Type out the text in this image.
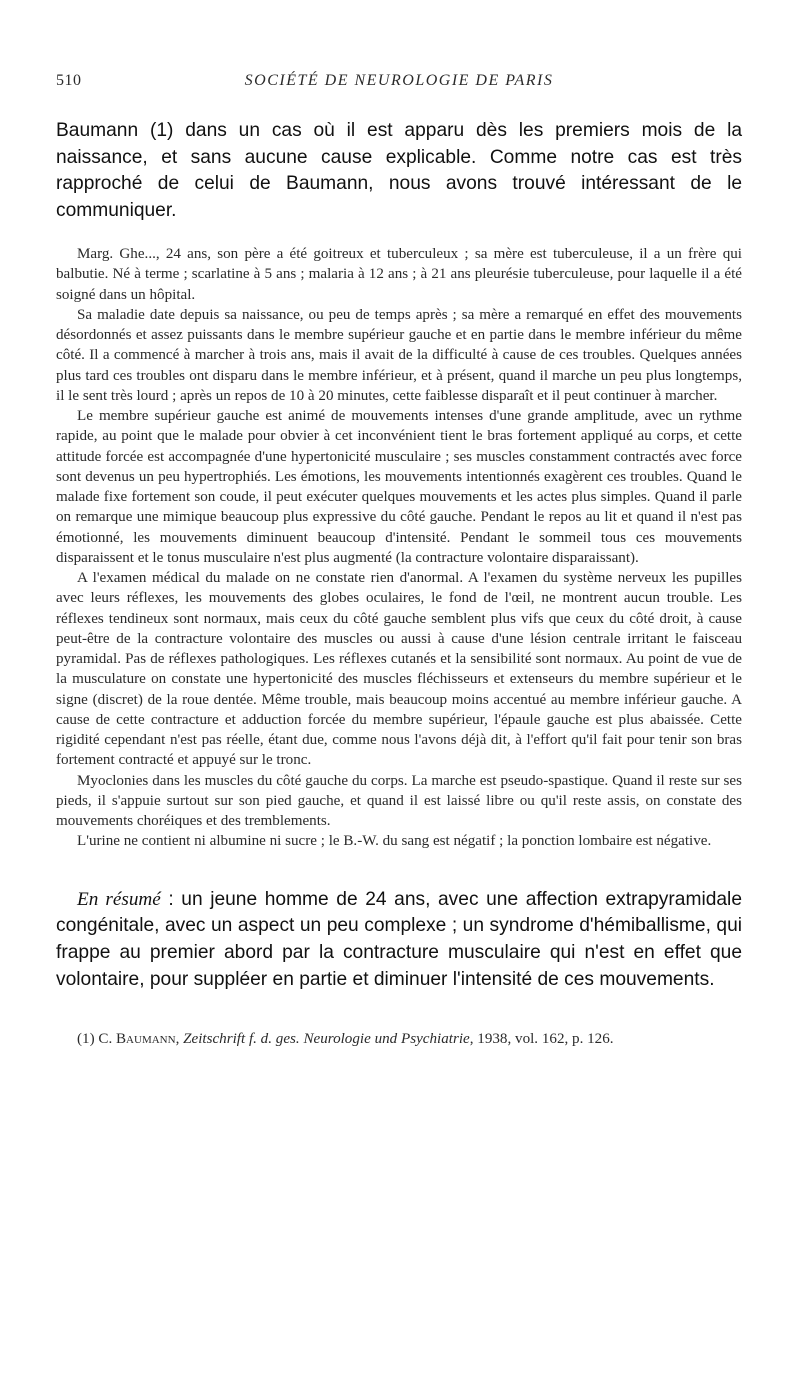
510	SOCIÉTÉ DE NEUROLOGIE DE PARIS

Baumann (1) dans un cas où il est apparu dès les premiers mois de la naissance, et sans aucune cause explicable. Comme notre cas est très rapproché de celui de Baumann, nous avons trouvé intéressant de le communiquer.

Marg. Ghe..., 24 ans, son père a été goitreux et tuberculeux ; sa mère est tuberculeuse, il a un frère qui balbutie. Né à terme ; scarlatine à 5 ans ; malaria à 12 ans ; à 21 ans pleurésie tuberculeuse, pour laquelle il a été soigné dans un hôpital.

Sa maladie date depuis sa naissance, ou peu de temps après ; sa mère a remarqué en effet des mouvements désordonnés et assez puissants dans le membre supérieur gauche et en partie dans le membre inférieur du même côté. Il a commencé à marcher à trois ans, mais il avait de la difficulté à cause de ces troubles. Quelques années plus tard ces troubles ont disparu dans le membre inférieur, et à présent, quand il marche un peu plus longtemps, il le sent très lourd ; après un repos de 10 à 20 minutes, cette faiblesse disparaît et il peut continuer à marcher.

Le membre supérieur gauche est animé de mouvements intenses d'une grande amplitude, avec un rythme rapide, au point que le malade pour obvier à cet inconvénient tient le bras fortement appliqué au corps, et cette attitude forcée est accompagnée d'une hypertonicité musculaire ; ses muscles constamment contractés avec force sont devenus un peu hypertrophiés. Les émotions, les mouvements intentionnés exagèrent ces troubles. Quand le malade fixe fortement son coude, il peut exécuter quelques mouvements et les actes plus simples. Quand il parle on remarque une mimique beaucoup plus expressive du côté gauche. Pendant le repos au lit et quand il n'est pas émotionné, les mouvements diminuent beaucoup d'intensité. Pendant le sommeil tous ces mouvements disparaissent et le tonus musculaire n'est plus augmenté (la contracture volontaire disparaissant).

A l'examen médical du malade on ne constate rien d'anormal. A l'examen du système nerveux les pupilles avec leurs réflexes, les mouvements des globes oculaires, le fond de l'œil, ne montrent aucun trouble. Les réflexes tendineux sont normaux, mais ceux du côté gauche semblent plus vifs que ceux du côté droit, à cause peut-être de la contracture volontaire des muscles ou aussi à cause d'une lésion centrale irritant le faisceau pyramidal. Pas de réflexes pathologiques. Les réflexes cutanés et la sensibilité sont normaux. Au point de vue de la musculature on constate une hypertonicité des muscles fléchisseurs et extenseurs du membre supérieur et le signe (discret) de la roue dentée. Même trouble, mais beaucoup moins accentué au membre inférieur gauche. A cause de cette contracture et adduction forcée du membre supérieur, l'épaule gauche est plus abaissée. Cette rigidité cependant n'est pas réelle, étant due, comme nous l'avons déjà dit, à l'effort qu'il fait pour tenir son bras fortement contracté et appuyé sur le tronc.

Myoclonies dans les muscles du côté gauche du corps. La marche est pseudo-spastique. Quand il reste sur ses pieds, il s'appuie surtout sur son pied gauche, et quand il est laissé libre ou qu'il reste assis, on constate des mouvements choréiques et des tremblements.

L'urine ne contient ni albumine ni sucre ; le B.-W. du sang est négatif ; la ponction lombaire est négative.

En résumé : un jeune homme de 24 ans, avec une affection extrapyramidale congénitale, avec un aspect un peu complexe ; un syndrome d'hémiballisme, qui frappe au premier abord par la contracture musculaire qui n'est en effet que volontaire, pour suppléer en partie et diminuer l'intensité de ces mouvements.

(1) C. Baumann, Zeitschrift f. d. ges. Neurologie und Psychiatrie, 1938, vol. 162, p. 126.
